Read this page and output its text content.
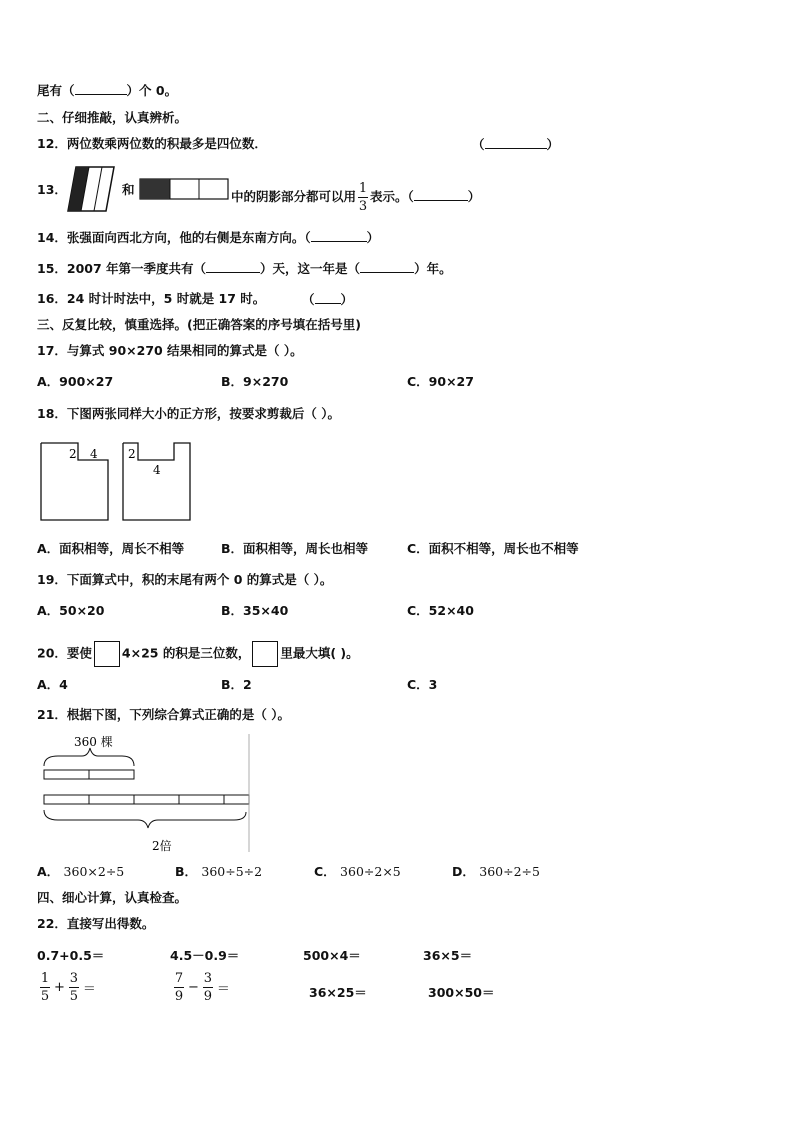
尾有（	）个 0。
二、仔细推敲，认真辨析。
12．两位数乘两位数的积最多是四位数．	（	）
13．	和	中的阴影部分都可以用 $\frac{1}{3}$ 表示。（	）
14．张强面向西北方向，他的右侧是东南方向。（	）
15．2007 年第一季度共有（	）天，这一年是（	）年。
16．24 时计时法中，5 时就是 17 时。	（ ）
三、反复比较，慎重选择。(把正确答案的序号填在括号里)
17．与算式 90×270 结果相同的算式是（ ）。
A．900×27	B．9×270	C．90×27
18．下图两张同样大小的正方形，按要求剪裁后（ ）。
2 4	2
4
A．面积相等，周长不相等	B．面积相等，周长也相等	C．面积不相等，周长也不相等
19．下面算式中，积的末尾有两个 0 的算式是（ ）。
A．50×20	B．35×40	C．52×40
20．要使 4×25 的积是三位数， 里最大填( )。
A．4	B．2	C．3
21．根据下图，下列综合算式正确的是（ ）。
360 棵
2倍
A． 360×2÷5	B． 360÷5÷2	C． 360÷2×5	D． 360÷2÷5
四、细心计算，认真检查。
22．直接写出得数。
0.7+0.5＝	4.5－0.9＝	500×4＝	36×5＝
$\frac{1}{5} + \frac{3}{5}$ ＝	$\frac{7}{9} - \frac{3}{9}$ ＝	36×25＝	300×50＝
